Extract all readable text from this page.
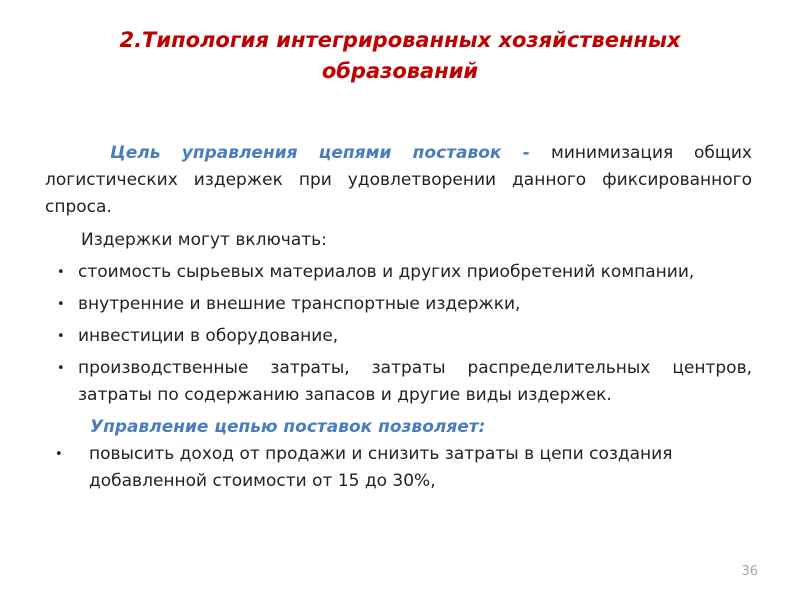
2.Типология интегрированных хозяйственных
образований

Цель управления цепями поставок - минимизация общих логистических издержек при удовлетворении данного фиксированного спроса.

Издержки могут включать:

• стоимость сырьевых материалов и других приобретений компании,
• внутренние и внешние транспортные издержки,
• инвестиции в оборудование,
• производственные затраты, затраты распределительных центров, затраты по содержанию запасов и другие виды издержек.

Управление цепью поставок позволяет:

• повысить доход от продажи и снизить затраты в цепи создания добавленной стоимости от 15 до 30%,

36
